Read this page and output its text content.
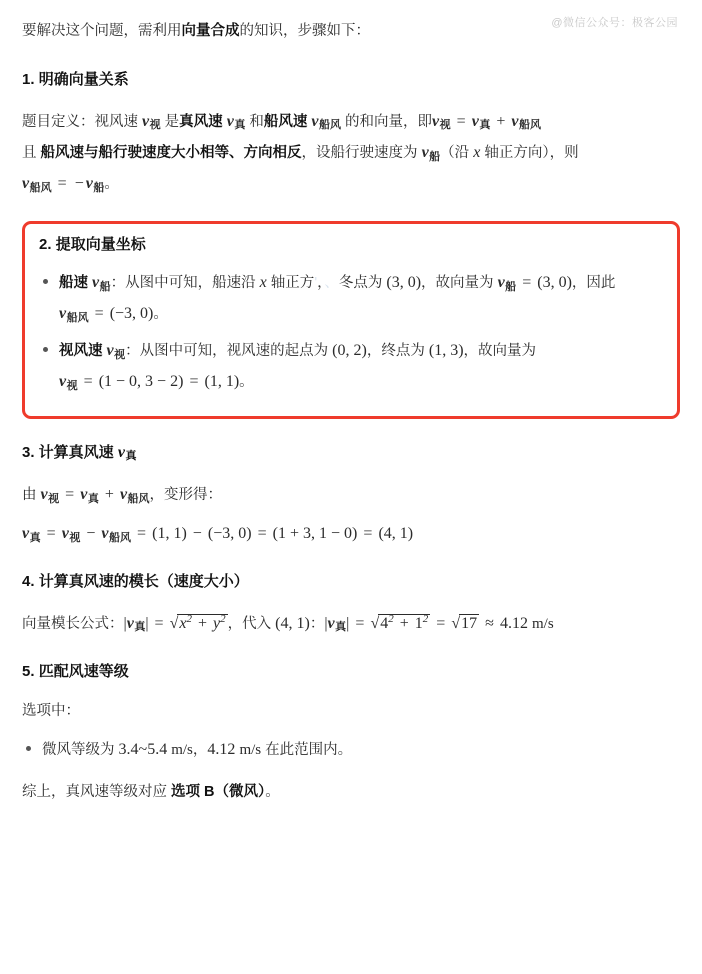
@微信公众号：极客公园

要解决这个问题，需利用向量合成的知识，步骤如下：

1. 明确向量关系

题目定义：视风速 $v_视$ 是真风速 $v_真$ 和船风速 $v_{船风}$ 的和向量，即$v_视 = v_真 + v_{船风}$
且 船风速与船行驶速度大小相等、方向相反，设船行驶速度为 $v_船$（沿 x 轴正方向），则
$v_{船风}$ = − $v_船$。

2. 提取向量坐标
船速 $v_船$：从图中可知，船速沿 x 轴正方'，、冬点为 (3, 0)，故向量为 $v_船 = (3$, 0)，因此
$v_{船风} = (-3$, 0)。
视风速 $v_视$：从图中可知，视风速的起点为 (0, 2)，终点为 (1, 3)，故向量为
$v_视 = (1 - 0$, 3 − 2) = (1, 1)。
3. 计算真风速 $v_真$

由 $v_视 = v_真 + v_{船风}$，变形得：

$v_真 = v_视 - v_{船风} = (1$, 1) − (−3, 0) = (1 + 3, 1 − 0) = (4, 1)

4. 计算真风速的模长（速度大小）

向量模长公式：$|v_真| = √x^2 + y^2$ ，代入 (4, 1)：$|v_真| = √4^2 + 1^2 = √17 \approx 4.12$ m/s

5. 匹配风速等级

选项中：

微风等级为 3.4~5.4 m/s，4.12 m/s 在此范围内。

综上，真风速等级对应 选项 B（微风）。
